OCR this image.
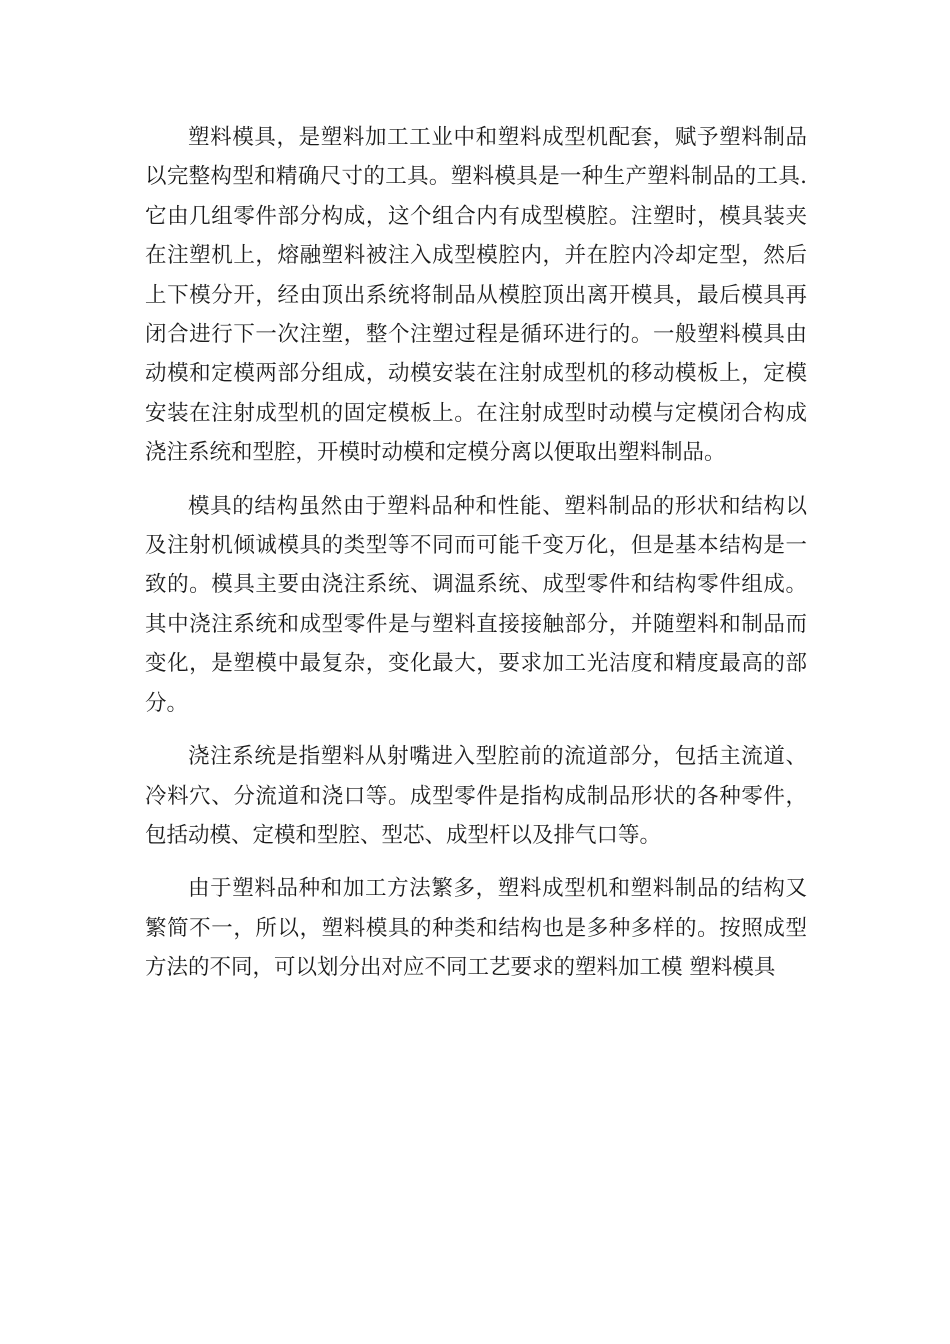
塑料模具，是塑料加工工业中和塑料成型机配套，赋予塑料制品以完整构型和精确尺寸的工具。塑料模具是一种生产塑料制品的工具.它由几组零件部分构成，这个组合内有成型模腔。注塑时，模具装夹在注塑机上，熔融塑料被注入成型模腔内，并在腔内冷却定型，然后上下模分开，经由顶出系统将制品从模腔顶出离开模具，最后模具再闭合进行下一次注塑，整个注塑过程是循环进行的。一般塑料模具由动模和定模两部分组成，动模安装在注射成型机的移动模板上，定模安装在注射成型机的固定模板上。在注射成型时动模与定模闭合构成浇注系统和型腔，开模时动模和定模分离以便取出塑料制品。

模具的结构虽然由于塑料品种和性能、塑料制品的形状和结构以及注射机倾诚模具的类型等不同而可能千变万化，但是基本结构是一致的。模具主要由浇注系统、调温系统、成型零件和结构零件组成。其中浇注系统和成型零件是与塑料直接接触部分，并随塑料和制品而变化，是塑模中最复杂，变化最大，要求加工光洁度和精度最高的部分。

浇注系统是指塑料从射嘴进入型腔前的流道部分，包括主流道、冷料穴、分流道和浇口等。成型零件是指构成制品形状的各种零件，包括动模、定模和型腔、型芯、成型杆以及排气口等。

由于塑料品种和加工方法繁多，塑料成型机和塑料制品的结构又繁简不一，所以，塑料模具的种类和结构也是多种多样的。按照成型方法的不同，可以划分出对应不同工艺要求的塑料加工模 塑料模具
